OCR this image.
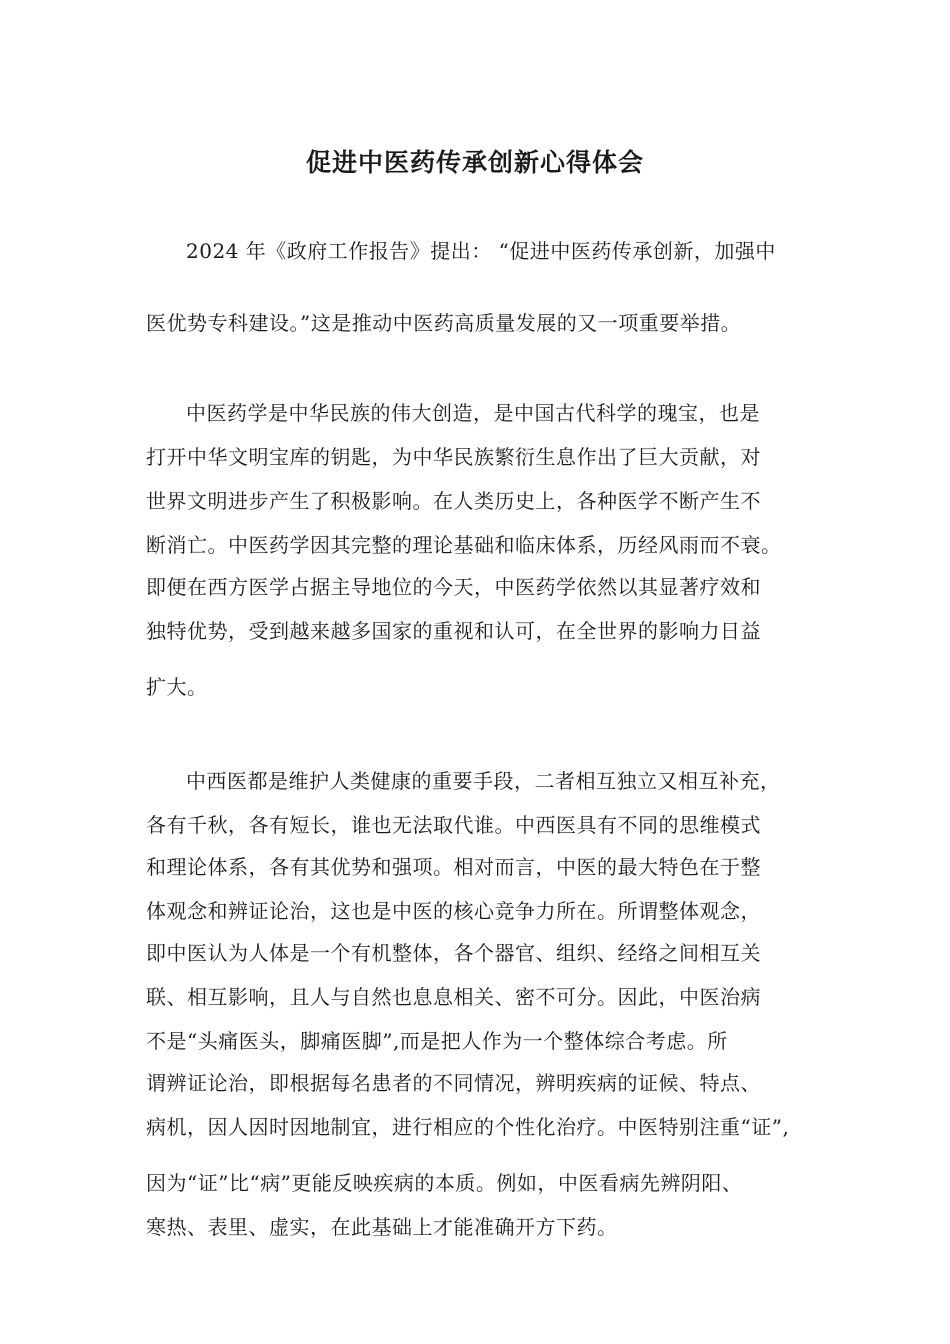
促进中医药传承创新心得体会
2024 年《政府工作报告》提出： “促进中医药传承创新，加强中
医优势专科建设。”这是推动中医药高质量发展的又一项重要举措。
中医药学是中华民族的伟大创造，是中国古代科学的瑰宝，也是
打开中华文明宝库的钥匙，为中华民族繁衍生息作出了巨大贡献，对
世界文明进步产生了积极影响。在人类历史上，各种医学不断产生不
断消亡。中医药学因其完整的理论基础和临床体系，历经风雨而不衰。
即便在西方医学占据主导地位的今天，中医药学依然以其显著疗效和
独特优势，受到越来越多国家的重视和认可，在全世界的影响力日益
扩大。
中西医都是维护人类健康的重要手段，二者相互独立又相互补充，
各有千秋，各有短长，谁也无法取代谁。中西医具有不同的思维模式
和理论体系，各有其优势和强项。相对而言，中医的最大特色在于整
体观念和辨证论治，这也是中医的核心竞争力所在。所谓整体观念，
即中医认为人体是一个有机整体，各个器官、组织、经络之间相互关
联、相互影响，且人与自然也息息相关、密不可分。因此，中医治病
不是“头痛医头，脚痛医脚”,而是把人作为一个整体综合考虑。所
谓辨证论治，即根据每名患者的不同情况，辨明疾病的证候、特点、
病机，因人因时因地制宜，进行相应的个性化治疗。中医特别注重“证”,
因为“证”比“病”更能反映疾病的本质。例如，中医看病先辨阴阳、
寒热、表里、虚实，在此基础上才能准确开方下药。
